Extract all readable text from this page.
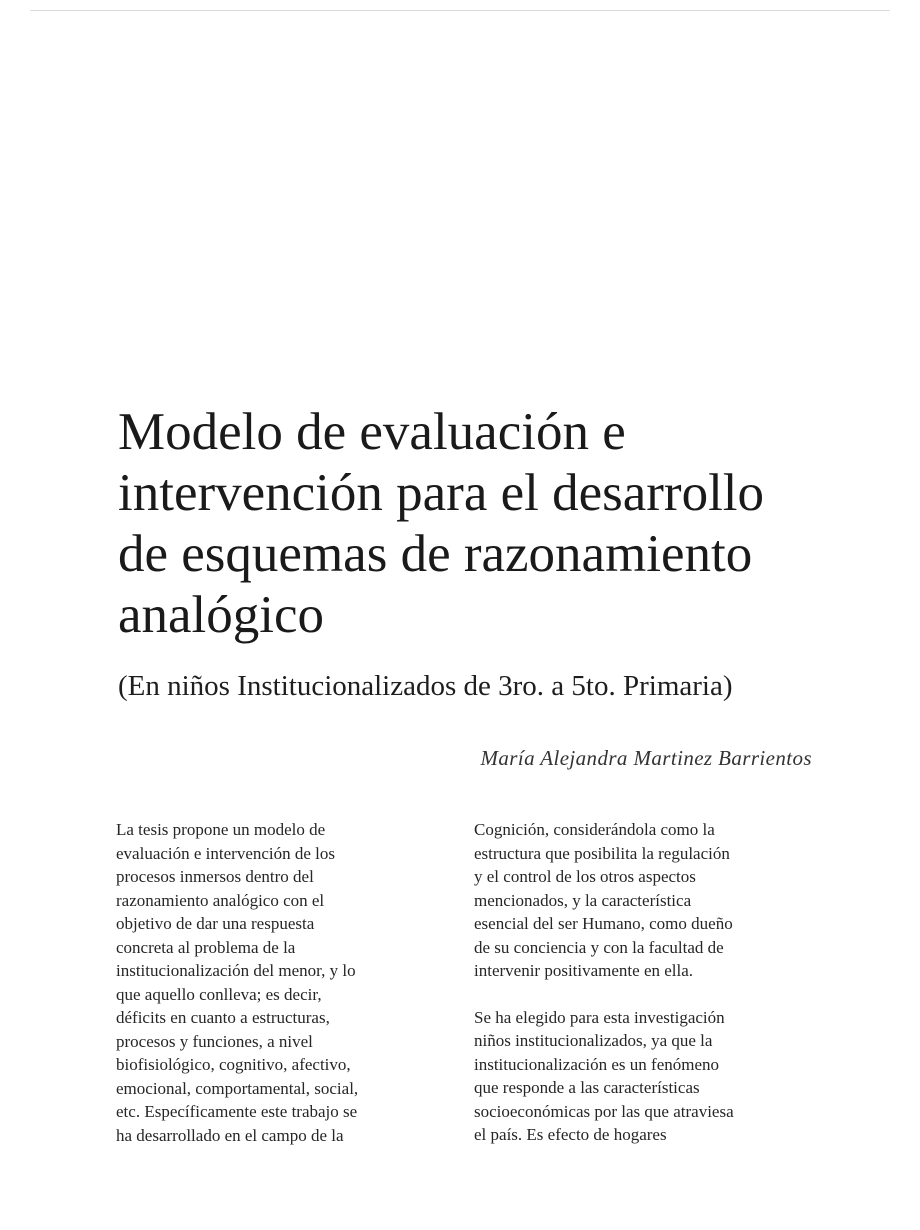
Modelo de evaluación e
intervención para el desarrollo
de esquemas de razonamiento
analógico

(En niños Institucionalizados de 3ro. a 5to. Primaria)

María Alejandra Martinez Barrientos

La tesis propone un modelo de
evaluación e intervención de los
procesos inmersos dentro del
razonamiento analógico con el
objetivo de dar una respuesta
concreta al problema de la
institucionalización del menor, y lo
que aquello conlleva; es decir,
déficits en cuanto a estructuras,
procesos y funciones, a nivel
biofisiológico, cognitivo, afectivo,
emocional, comportamental, social,
etc. Específicamente este trabajo se
ha desarrollado en el campo de la
Cognición, considerándola como la
estructura que posibilita la regulación
y el control de los otros aspectos
mencionados, y la característica
esencial del ser Humano, como dueño
de su conciencia y con la facultad de
intervenir positivamente en ella.
Se ha elegido para esta investigación
niños institucionalizados, ya que la
institucionalización es un fenómeno
que responde a las características
socioeconómicas por las que atraviesa
el país. Es efecto de hogares
